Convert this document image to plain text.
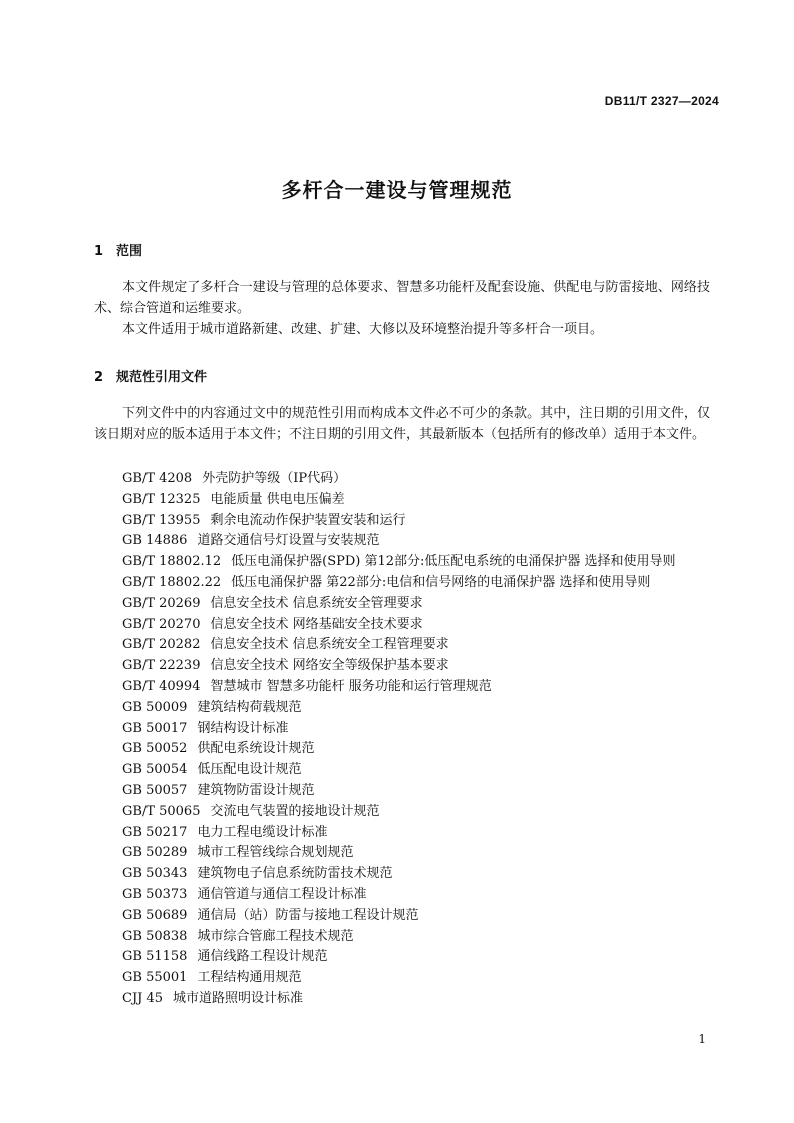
DB11/T 2327—2024
多杆合一建设与管理规范
1 范围
本文件规定了多杆合一建设与管理的总体要求、智慧多功能杆及配套设施、供配电与防雷接地、网络技术、综合管道和运维要求。
本文件适用于城市道路新建、改建、扩建、大修以及环境整治提升等多杆合一项目。
2 规范性引用文件
下列文件中的内容通过文中的规范性引用而构成本文件必不可少的条款。其中，注日期的引用文件，仅该日期对应的版本适用于本文件；不注日期的引用文件，其最新版本（包括所有的修改单）适用于本文件。
GB/T 4208 外壳防护等级（IP代码）
GB/T 12325 电能质量 供电电压偏差
GB/T 13955 剩余电流动作保护装置安装和运行
GB 14886 道路交通信号灯设置与安装规范
GB/T 18802.12 低压电涌保护器(SPD) 第12部分:低压配电系统的电涌保护器 选择和使用导则
GB/T 18802.22 低压电涌保护器 第22部分:电信和信号网络的电涌保护器 选择和使用导则
GB/T 20269 信息安全技术 信息系统安全管理要求
GB/T 20270 信息安全技术 网络基础安全技术要求
GB/T 20282 信息安全技术 信息系统安全工程管理要求
GB/T 22239 信息安全技术 网络安全等级保护基本要求
GB/T 40994 智慧城市 智慧多功能杆 服务功能和运行管理规范
GB 50009 建筑结构荷载规范
GB 50017 钢结构设计标准
GB 50052 供配电系统设计规范
GB 50054 低压配电设计规范
GB 50057 建筑物防雷设计规范
GB/T 50065 交流电气装置的接地设计规范
GB 50217 电力工程电缆设计标准
GB 50289 城市工程管线综合规划规范
GB 50343 建筑物电子信息系统防雷技术规范
GB 50373 通信管道与通信工程设计标准
GB 50689 通信局（站）防雷与接地工程设计规范
GB 50838 城市综合管廊工程技术规范
GB 51158 通信线路工程设计规范
GB 55001 工程结构通用规范
CJJ 45 城市道路照明设计标准
1
